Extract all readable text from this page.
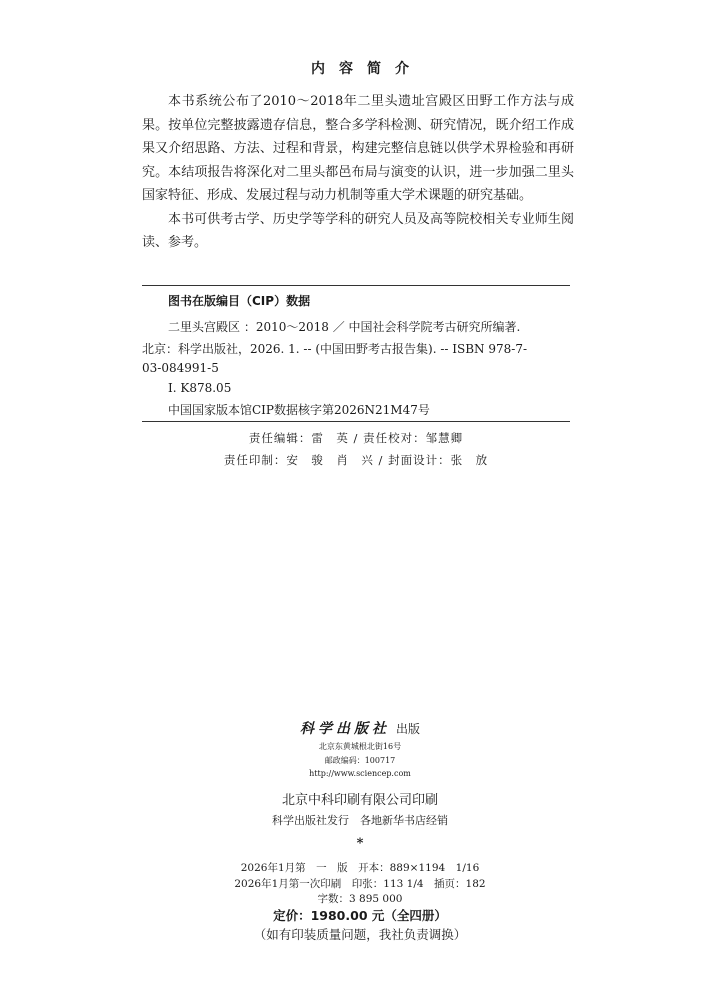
内容简介

本书系统公布了2010～2018年二里头遗址宫殿区田野工作方法与成果。按单位完整披露遗存信息，整合多学科检测、研究情况，既介绍工作成果又介绍思路、方法、过程和背景，构建完整信息链以供学术界检验和再研究。本结项报告将深化对二里头都邑布局与演变的认识，进一步加强二里头国家特征、形成、发展过程与动力机制等重大学术课题的研究基础。

本书可供考古学、历史学等学科的研究人员及高等院校相关专业师生阅读、参考。

图书在版编目（CIP）数据
二里头宫殿区 ：2010～2018 ／ 中国社会科学院考古研究所编著.
北京：科学出版社，2026. 1. -- (中国田野考古报告集). -- ISBN 978-7-
03-084991-5
Ⅰ. K878.05
中国国家版本馆CIP数据核字第2026N21M47号
责任编辑：雷　英 / 责任校对：邹慧卿
责任印制：安　骏　肖　兴 / 封面设计：张　放
科学出版社 出版
北京东黄城根北街16号
邮政编码：100717
http://www.sciencep.com
北京中科印刷有限公司印刷
科学出版社发行　各地新华书店经销
*
2026年1月第　一　版　开本：889×1194　1/16
2026年1月第一次印刷　印张：113 1/4　插页：182
字数：3 895 000
定价：1980.00 元（全四册）
（如有印装质量问题，我社负责调换）
